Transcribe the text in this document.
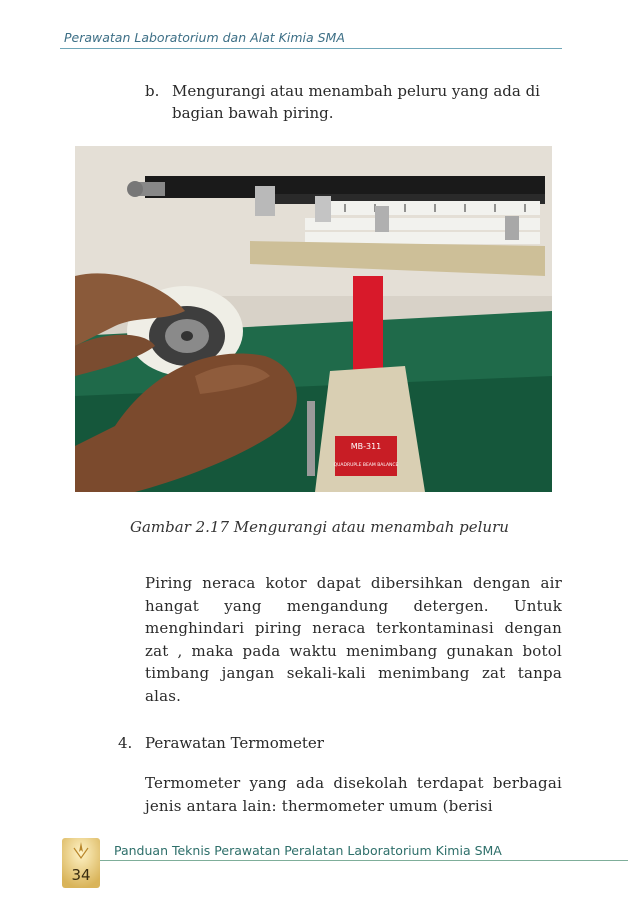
Perawatan Laboratorium dan Alat Kimia SMA
b. Mengurangi atau menambah peluru yang ada di bagian bawah piring.
MB-311
QUADRUPLE BEAM BALANCE
Gambar 2.17 Mengurangi atau menambah peluru

Piring neraca kotor dapat dibersihkan dengan air hangat yang mengandung detergen. Untuk menghindari piring neraca terkontaminasi dengan zat , maka pada waktu menimbang gunakan botol timbang jangan sekali-kali menimbang zat tanpa alas.

4. Perawatan Termometer

Termometer yang ada disekolah terdapat berbagai jenis antara lain: thermometer umum (berisi

34
Panduan Teknis Perawatan Peralatan Laboratorium Kimia SMA
